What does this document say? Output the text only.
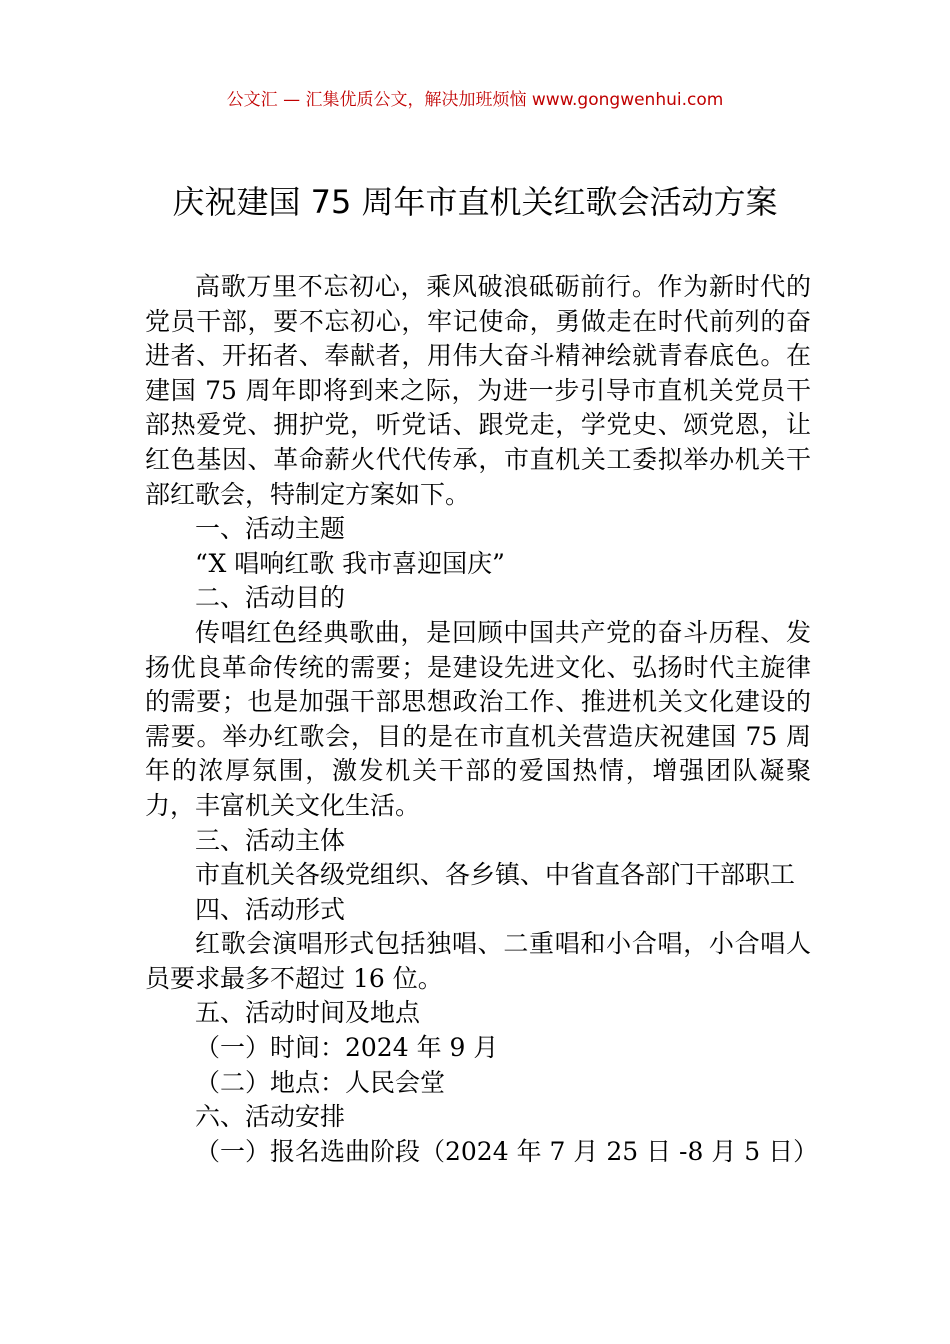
公文汇 — 汇集优质公文，解决加班烦恼 www.gongwenhui.com
庆祝建国 75 周年市直机关红歌会活动方案

高歌万里不忘初心，乘风破浪砥砺前行。作为新时代的党员干部，要不忘初心，牢记使命，勇做走在时代前列的奋进者、开拓者、奉献者，用伟大奋斗精神绘就青春底色。在建国 75 周年即将到来之际，为进一步引导市直机关党员干部热爱党、拥护党，听党话、跟党走，学党史、颂党恩，让红色基因、革命薪火代代传承，市直机关工委拟举办机关干部红歌会，特制定方案如下。

一、活动主题

“X 唱响红歌 我市喜迎国庆”

二、活动目的

传唱红色经典歌曲，是回顾中国共产党的奋斗历程、发扬优良革命传统的需要；是建设先进文化、弘扬时代主旋律的需要；也是加强干部思想政治工作、推进机关文化建设的需要。举办红歌会，目的是在市直机关营造庆祝建国 75 周年的浓厚氛围，激发机关干部的爱国热情，增强团队凝聚力，丰富机关文化生活。

三、活动主体

市直机关各级党组织、各乡镇、中省直各部门干部职工

四、活动形式

红歌会演唱形式包括独唱、二重唱和小合唱，小合唱人员要求最多不超过 16 位。

五、活动时间及地点

（一）时间：2024 年 9 月

（二）地点：人民会堂

六、活动安排

（一）报名选曲阶段（2024 年 7 月 25 日 -8 月 5 日）
